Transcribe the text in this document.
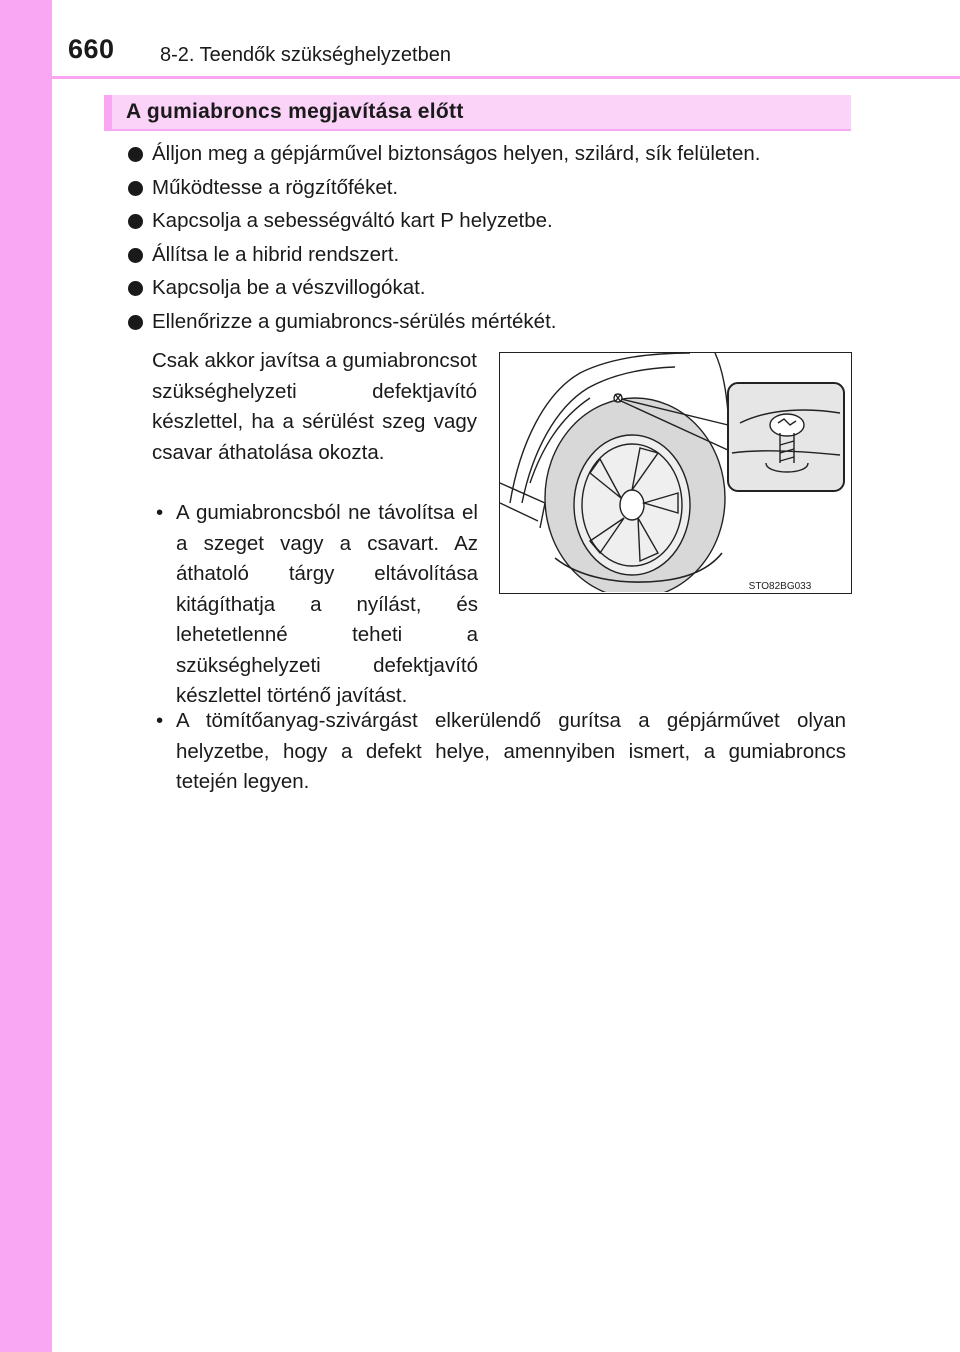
660 8-2. Teendők szükséghelyzetben
A gumiabroncs megjavítása előtt
Álljon meg a gépjárművel biztonságos helyen, szilárd, sík felületen.
Működtesse a rögzítőféket.
Kapcsolja a sebességváltó kart P helyzetbe.
Állítsa le a hibrid rendszert.
Kapcsolja be a vészvillogókat.
Ellenőrizze a gumiabroncs-sérülés mértékét.

Csak akkor javítsa a gumiabroncsot szükséghelyzeti defektjavító készlettel, ha a sérülést szeg vagy csavar áthatolása okozta.

• A gumiabroncsból ne távolítsa el a szeget vagy a csavart. Az áthatoló tárgy eltávolítása kitágíthatja a nyílást, és lehetetlenné teheti a szükséghelyzeti defektjavító készlettel történő javítást.
• A tömítőanyag-szivárgást elkerülendő gurítsa a gépjárművet olyan helyzetbe, hogy a defekt helye, amennyiben ismert, a gumiabroncs tetején legyen.
STO82BG033
